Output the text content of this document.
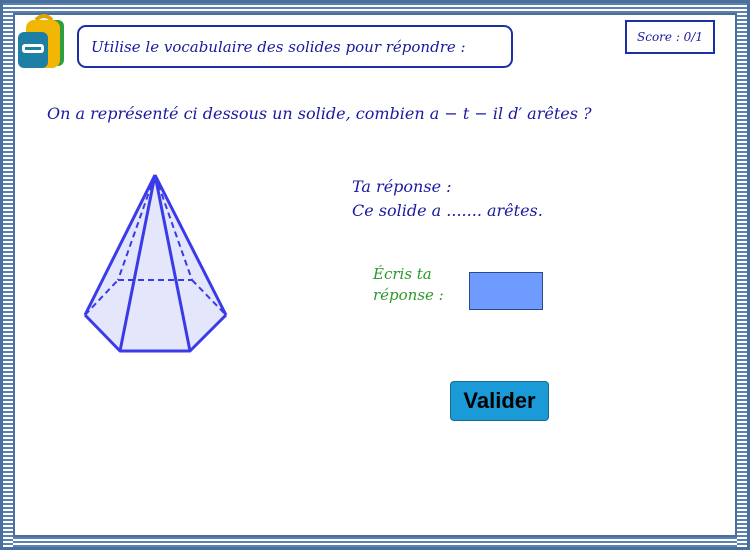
Utilise le vocabulaire des solides pour répondre :
Score : 0/1
On a représenté ci dessous un solide, combien a − t − il d′ arêtes ?
Ta réponse :
Ce solide a ....... arêtes.
Écris ta
réponse :
Valider
